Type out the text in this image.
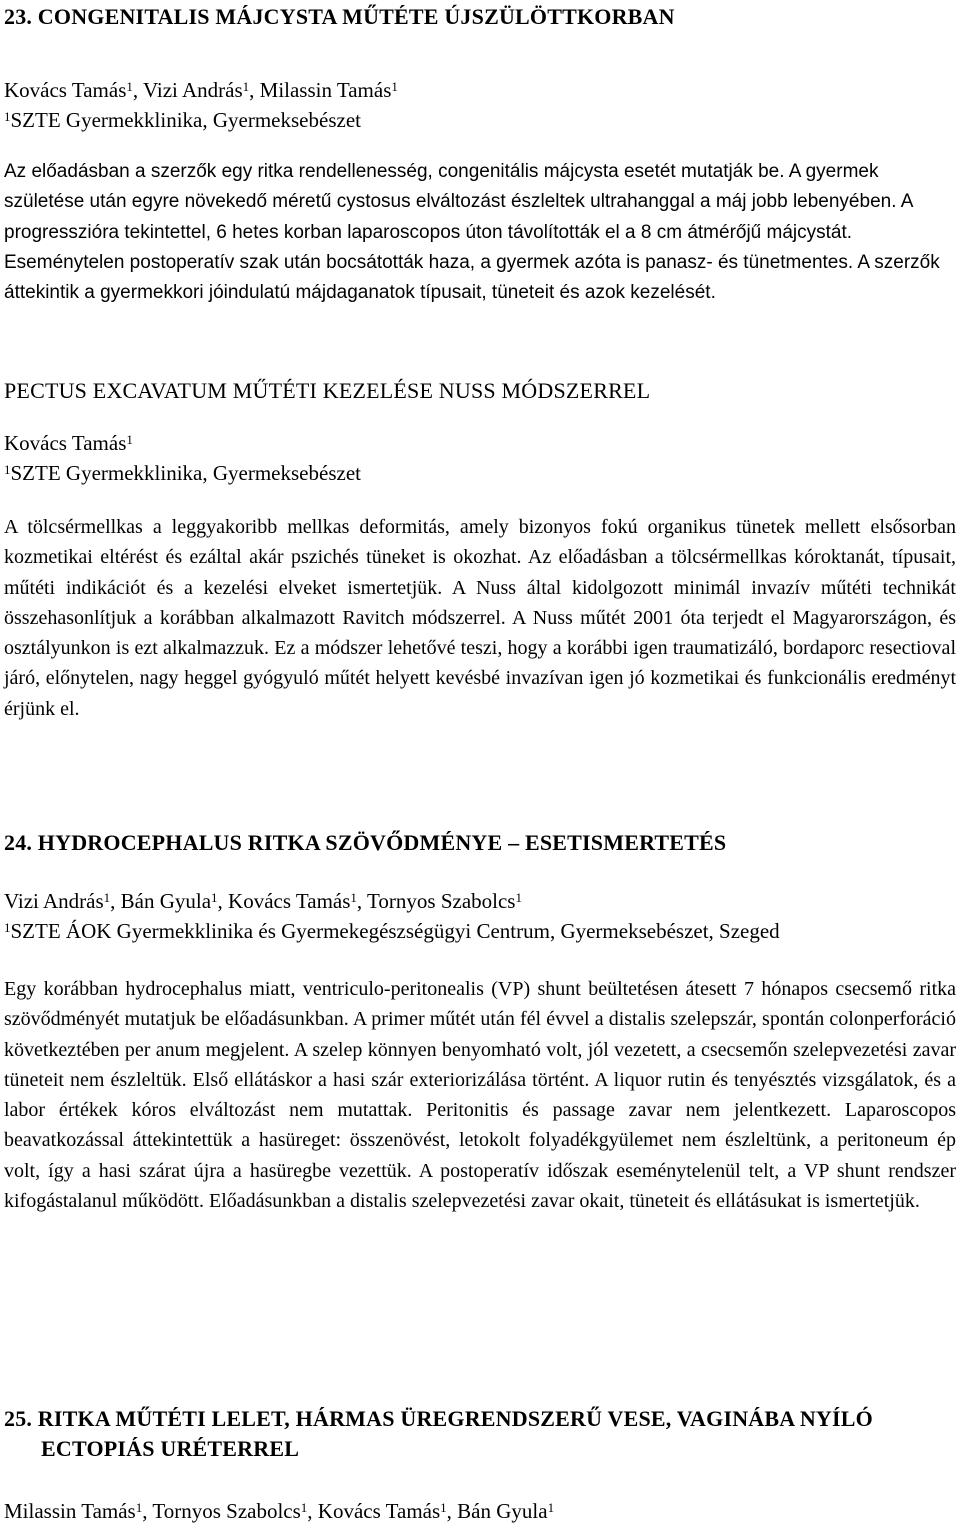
23. CONGENITALIS MÁJCYSTA MŰTÉTE ÚJSZÜLÖTTKORBAN

Kovács Tamás$^1$, Vizi András$^1$, Milassin Tamás$^1$

$^1$SZTE Gyermekklinika, Gyermeksebészet

Az előadásban a szerzők egy ritka rendellenesség, congenitális májcysta esetét mutatják be. A gyermek születése után egyre növekedő méretű cystosus elváltozást észleltek ultrahanggal a máj jobb lebenyében. A progresszióra tekintettel, 6 hetes korban laparoscopos úton távolították el a 8 cm átmérőjű májcystát. Eseménytelen postoperatív szak után bocsátották haza, a gyermek azóta is panasz- és tünetmentes. A szerzők áttekintik a gyermekkori jóindulatú májdaganatok típusait, tüneteit és azok kezelését.

PECTUS EXCAVATUM MŰTÉTI KEZELÉSE NUSS MÓDSZERREL

Kovács Tamás$^1$

$^1$SZTE Gyermekklinika, Gyermeksebészet

A tölcsérmellkas a leggyakoribb mellkas deformitás, amely bizonyos fokú organikus tünetek mellett elsősorban kozmetikai eltérést és ezáltal akár pszichés tüneket is okozhat. Az előadásban a tölcsérmellkas kóroktanát, típusait, műtéti indikációt és a kezelési elveket ismertetjük. A Nuss által kidolgozott minimál invazív műtéti technikát összehasonlítjuk a korábban alkalmazott Ravitch módszerrel. A Nuss műtét 2001 óta terjedt el Magyarországon, és osztályunkon is ezt alkalmazzuk. Ez a módszer lehetővé teszi, hogy a korábbi igen traumatizáló, bordaporc resectioval járó, előnytelen, nagy heggel gyógyuló műtét helyett kevésbé invazívan igen jó kozmetikai és funkcionális eredményt érjünk el.

24. HYDROCEPHALUS RITKA SZÖVŐDMÉNYE – ESETISMERTETÉS

Vizi András$^1$, Bán Gyula$^1$, Kovács Tamás$^1$, Tornyos Szabolcs$^1$

$^1$SZTE ÁOK Gyermekklinika és Gyermekegészségügyi Centrum, Gyermeksebészet, Szeged

Egy korábban hydrocephalus miatt, ventriculo-peritonealis (VP) shunt beültetésen átesett 7 hónapos csecsemő ritka szövődményét mutatjuk be előadásunkban. A primer műtét után fél évvel a distalis szelepszár, spontán colonperforáció következtében per anum megjelent. A szelep könnyen benyomható volt, jól vezetett, a csecsemőn szelepvezetési zavar tüneteit nem észleltük. Első ellátáskor a hasi szár exteriorizálása történt. A liquor rutin és tenyésztés vizsgálatok, és a labor értékek kóros elváltozást nem mutattak. Peritonitis és passage zavar nem jelentkezett. Laparoscopos beavatkozással áttekintettük a hasüreget: összenövést, letokolt folyadékgyülemet nem észleltünk, a peritoneum ép volt, így a hasi szárat újra a hasüregbe vezettük. A postoperatív időszak eseménytelenül telt, a VP shunt rendszer kifogástalanul működött. Előadásunkban a distalis szelepvezetési zavar okait, tüneteit és ellátásukat is ismertetjük.

25. RITKA MŰTÉTI LELET, HÁRMAS ÜREGRENDSZERŰ VESE, VAGINÁBA NYÍLÓ ECTOPIÁS URÉTERREL

Milassin Tamás$^1$, Tornyos Szabolcs$^1$, Kovács Tamás$^1$, Bán Gyula$^1$
